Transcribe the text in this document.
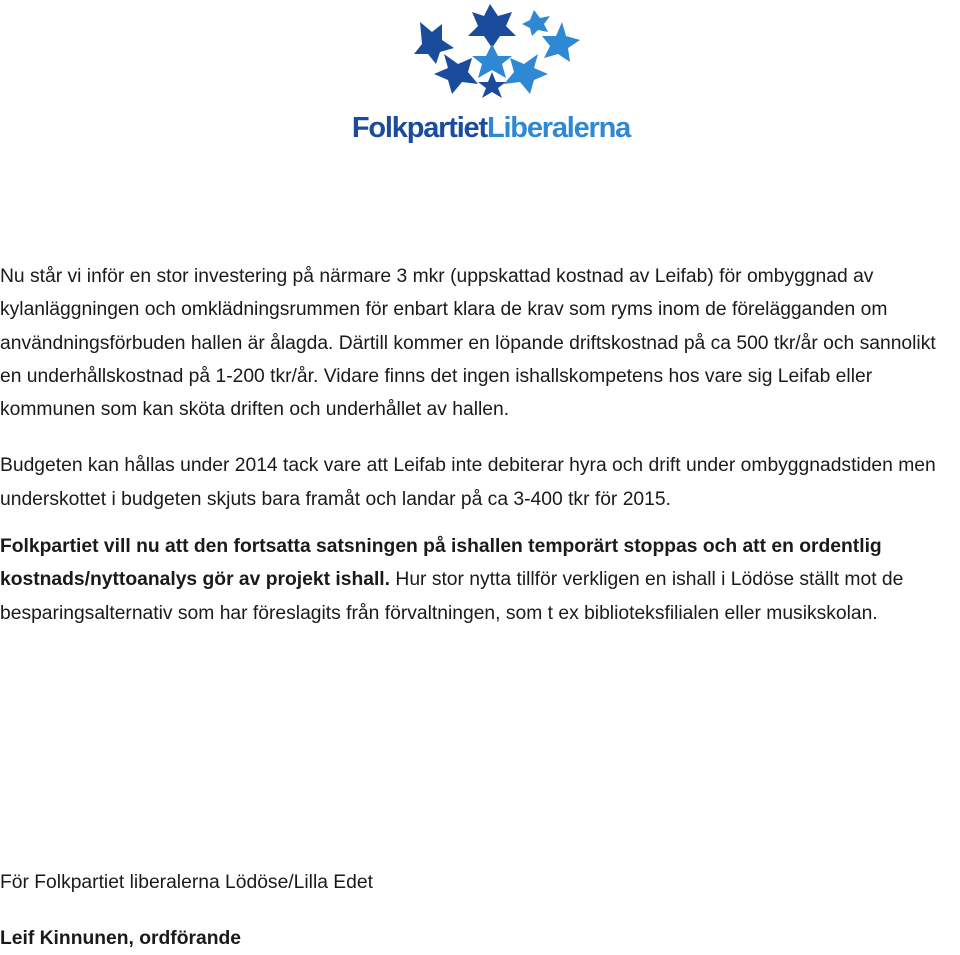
FolkpartietLiberalerna

Nu står vi inför en stor investering på närmare 3 mkr (uppskattad kostnad av Leifab) för ombyggnad av kylanläggningen och omklädningsrummen för enbart klara de krav som ryms inom de förelägganden om användningsförbuden hallen är ålagda. Därtill kommer en löpande driftskostnad på ca 500 tkr/år och sannolikt en underhållskostnad på 1-200 tkr/år. Vidare finns det ingen ishallskompetens hos vare sig Leifab eller kommunen som kan sköta driften och underhållet av hallen.

Budgeten kan hållas under 2014 tack vare att Leifab inte debiterar hyra och drift under ombyggnadstiden men underskottet i budgeten skjuts bara framåt och landar på ca 3-400 tkr för 2015.

Folkpartiet vill nu att den fortsatta satsningen på ishallen temporärt stoppas och att en ordentlig kostnads/nyttoanalys gör av projekt ishall. Hur stor nytta tillför verkligen en ishall i Lödöse ställt mot de besparingsalternativ som har föreslagits från förvaltningen, som t ex biblioteksfilialen eller musikskolan.

För Folkpartiet liberalerna Lödöse/Lilla Edet

Leif Kinnunen, ordförande
